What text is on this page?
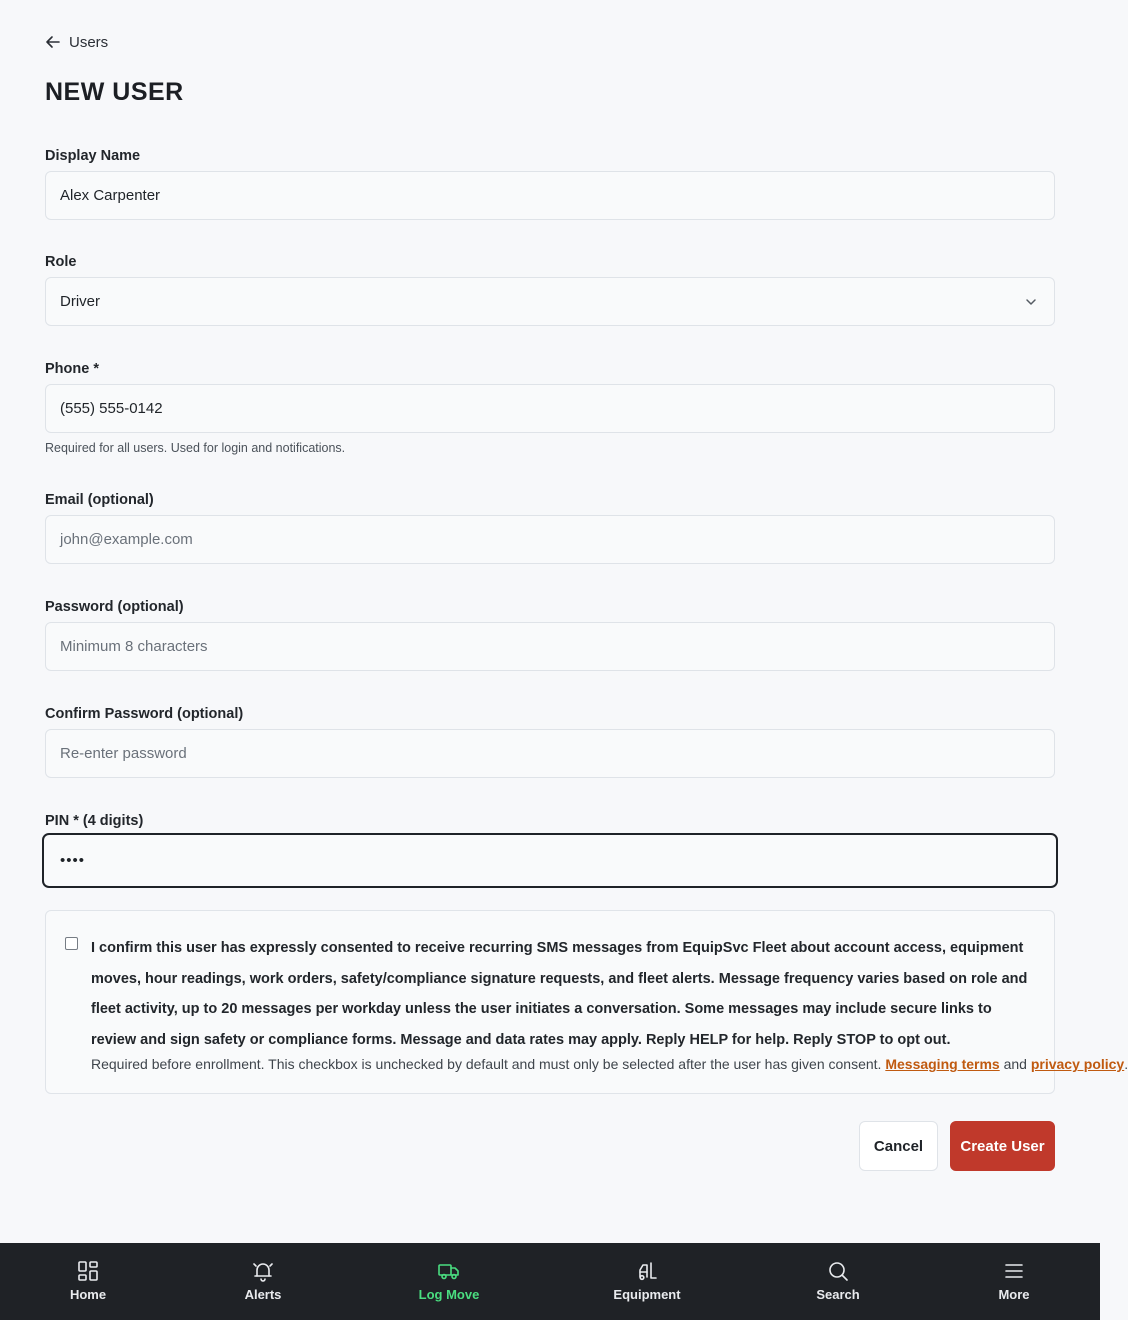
Users
NEW USER
Display Name
Alex Carpenter
Role
Driver
Phone *
(555) 555-0142
Required for all users. Used for login and notifications.
Email (optional)
john@example.com
Password (optional)
Minimum 8 characters
Confirm Password (optional)
Re-enter password
PIN * (4 digits)
••••
I confirm this user has expressly consented to receive recurring SMS messages from EquipSvc Fleet about account access, equipment moves, hour readings, work orders, safety/compliance signature requests, and fleet alerts. Message frequency varies based on role and fleet activity, up to 20 messages per workday unless the user initiates a conversation. Some messages may include secure links to review and sign safety or compliance forms. Message and data rates may apply. Reply HELP for help. Reply STOP to opt out.
Required before enrollment. This checkbox is unchecked by default and must only be selected after the user has given consent. Messaging terms and privacy policy.
Cancel	Create User
Home	Alerts	Log Move	Equipment	Search	More
